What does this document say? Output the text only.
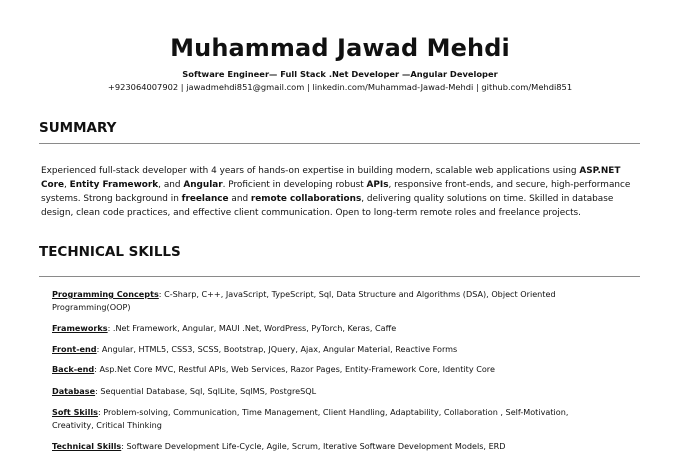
Muhammad Jawad Mehdi
Software Engineer— Full Stack .Net Developer —Angular Developer
+923064007902 | jawadmehdi851@gmail.com | linkedin.com/Muhammad-Jawad-Mehdi | github.com/Mehdi851
SUMMARY
Experienced full-stack developer with 4 years of hands-on expertise in building modern, scalable web applications using ASP.NET Core, Entity Framework, and Angular. Proficient in developing robust APIs, responsive front-ends, and secure, high-performance systems. Strong background in freelance and remote collaborations, delivering quality solutions on time. Skilled in database design, clean code practices, and effective client communication. Open to long-term remote roles and freelance projects.
TECHNICAL SKILLS
Programming Concepts: C-Sharp, C++, JavaScript, TypeScript, Sql, Data Structure and Algorithms (DSA), Object Oriented Programming(OOP)
Frameworks: .Net Framework, Angular, MAUI .Net, WordPress, PyTorch, Keras, Caffe
Front-end: Angular, HTML5, CSS3, SCSS, Bootstrap, JQuery, Ajax, Angular Material, Reactive Forms
Back-end: Asp.Net Core MVC, Restful APIs, Web Services, Razor Pages, Entity-Framework Core, Identity Core
Database: Sequential Database, Sql, SqlLite, SqlMS, PostgreSQL
Soft Skills: Problem-solving, Communication, Time Management, Client Handling, Adaptability, Collaboration , Self-Motivation, Creativity, Critical Thinking
Technical Skills: Software Development Life-Cycle, Agile, Scrum, Iterative Software Development Models, ERD
